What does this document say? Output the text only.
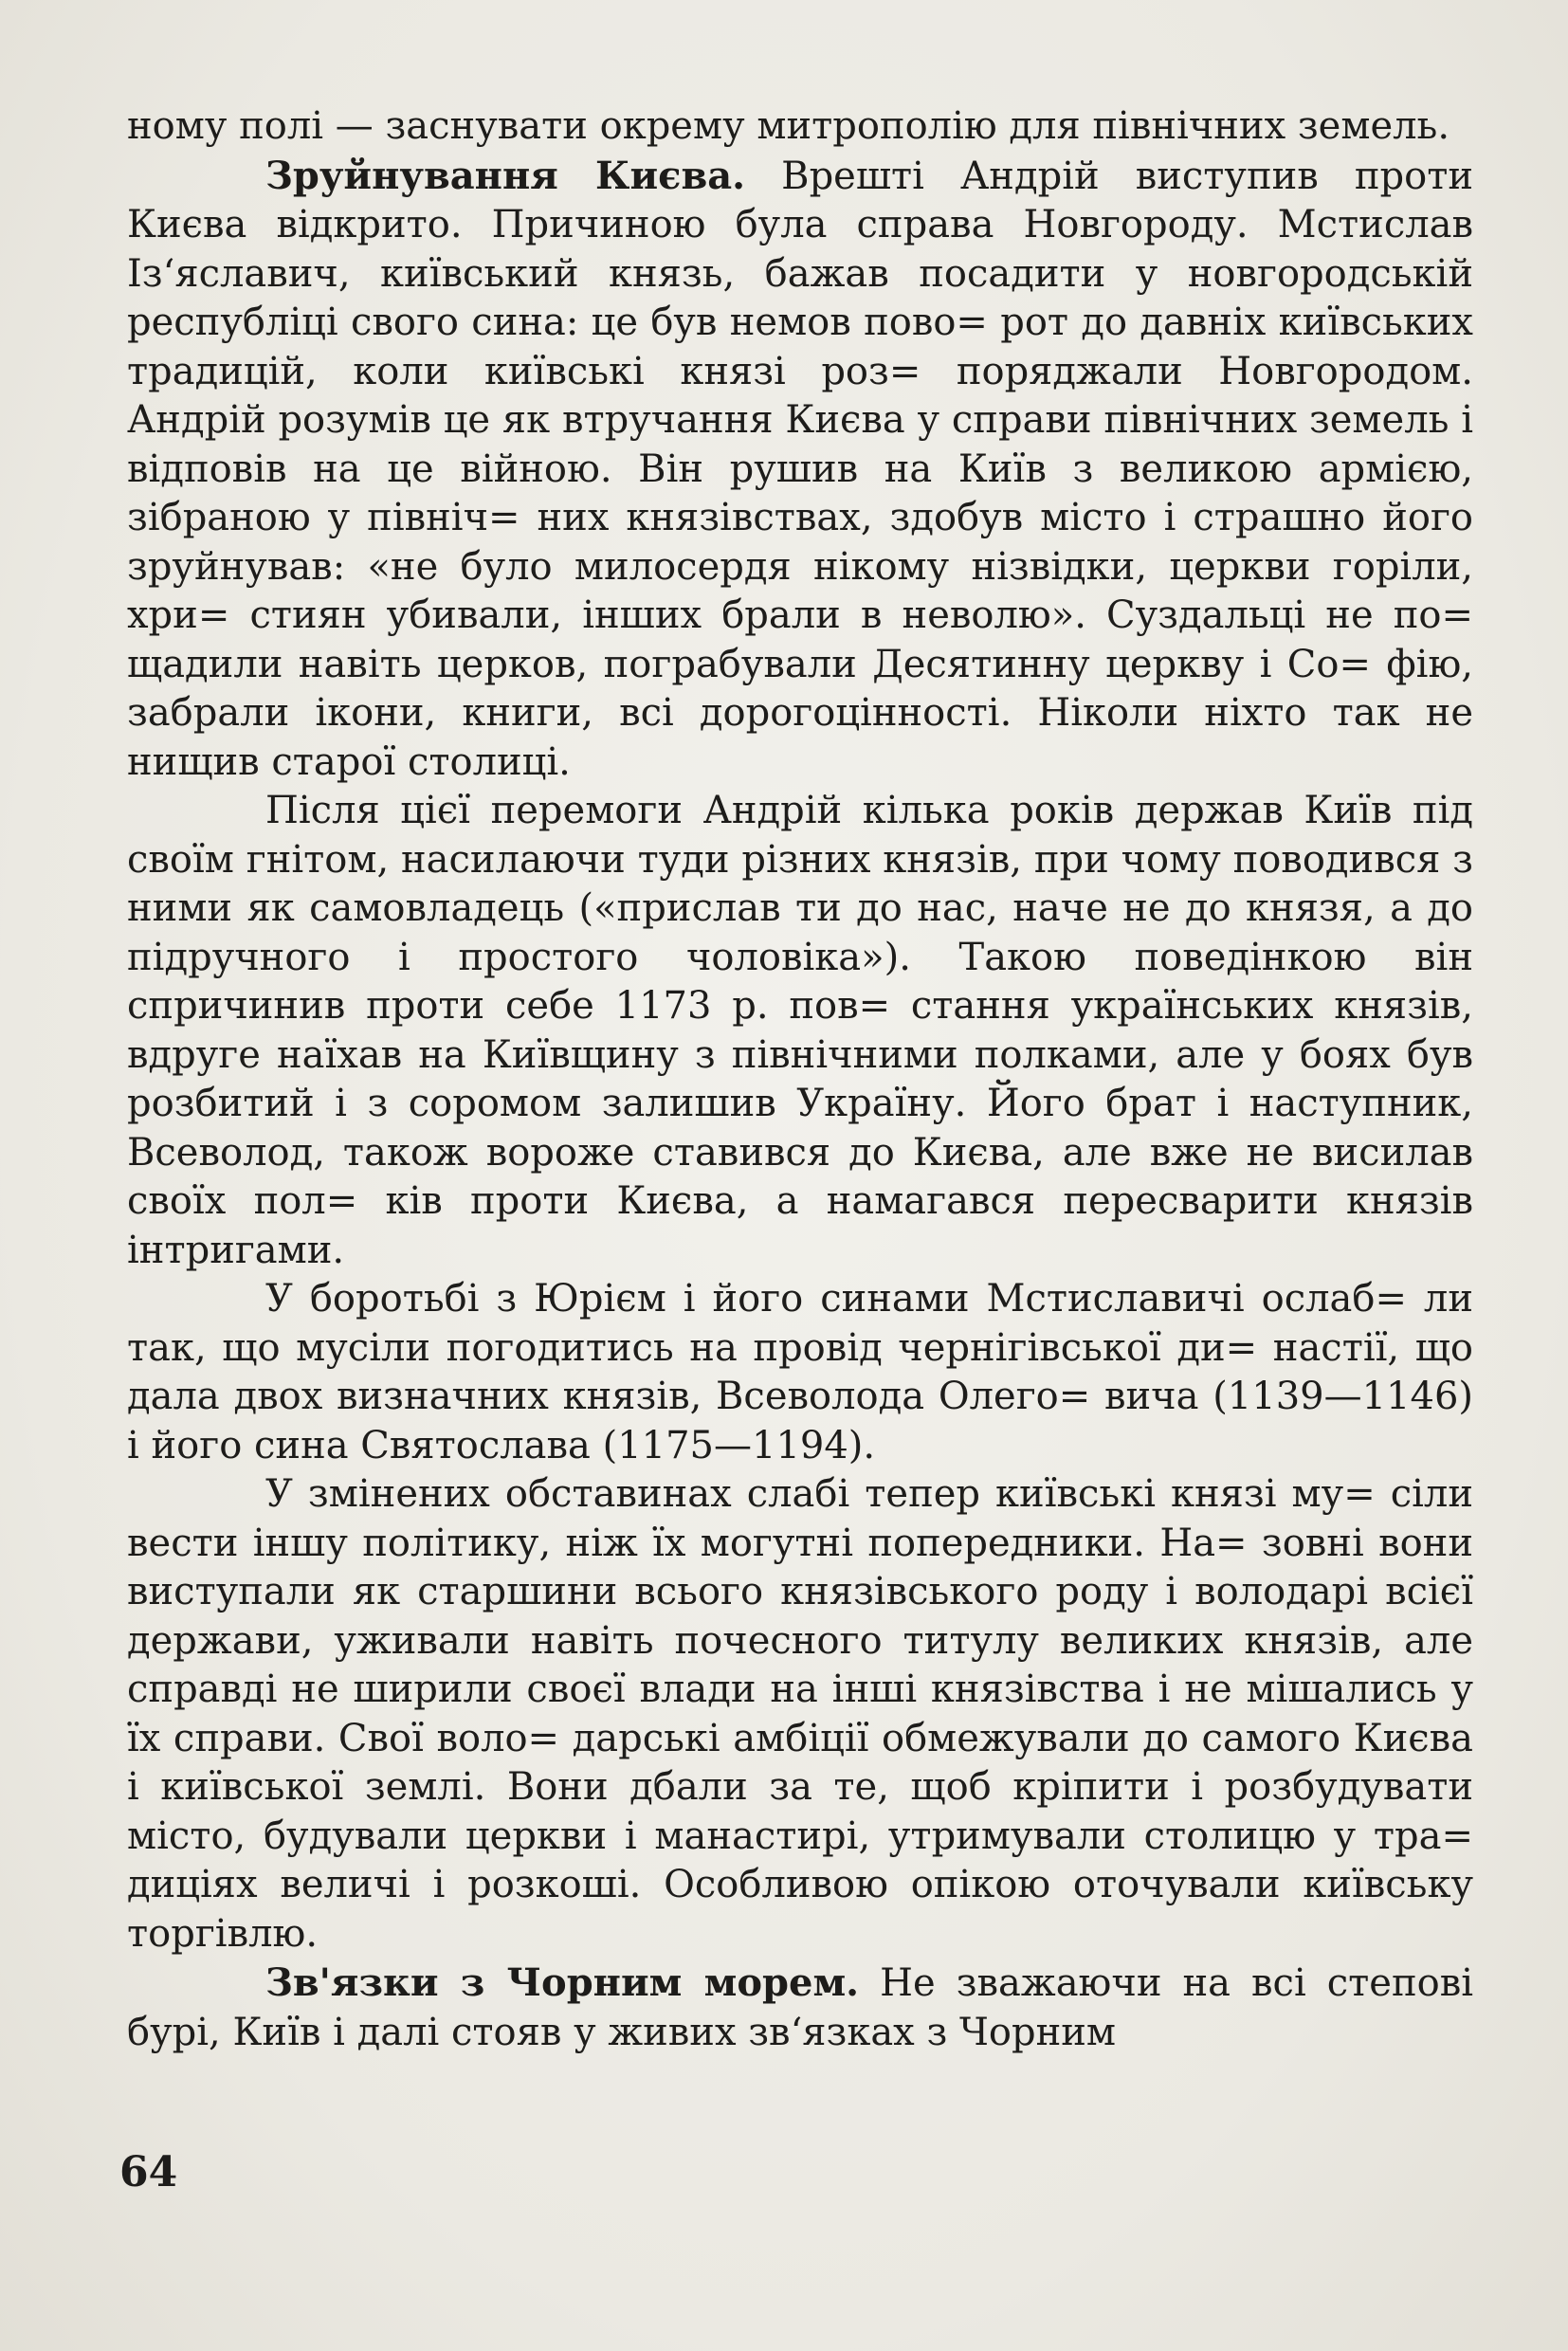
ному полі — заснувати окрему митрополію для північних земель.

Зруйнування Києва. Врешті Андрій виступив проти Києва відкрито. Причиною була справа Новгороду. Мстислав Із‘яславич, київський князь, бажав посадити у новгородській республіці свого сина: це був немов пово= рот до давніх київських традицій, коли київські князі роз= поряджали Новгородом. Андрій розумів це як втручання Києва у справи північних земель і відповів на це війною. Він рушив на Київ з великою армією, зібраною у північ= них князівствах, здобув місто і страшно його зруйнував: «не було милосердя нікому нізвідки, церкви горіли, хри= стиян убивали, інших брали в неволю». Суздальці не по= щадили навіть церков, пограбували Десятинну церкву і Со= фію, забрали ікони, книги, всі дорогоцінності. Ніколи ніхто так не нищив старої столиці.

Після цієї перемоги Андрій кілька років держав Київ під своїм гнітом, насилаючи туди різних князів, при чому поводився з ними як самовладець («прислав ти до нас, наче не до князя, а до підручного і простого чоловіка»). Такою поведінкою він спричинив проти себе 1173 р. пов= стання українських князів, вдруге наїхав на Київщину з північними полками, але у боях був розбитий і з соромом залишив Україну. Його брат і наступник, Всеволод, також вороже ставився до Києва, але вже не висилав своїх пол= ків проти Києва, а намагався пересварити князів інтригами.

У боротьбі з Юрієм і його синами Мстиславичі ослаб= ли так, що мусіли погодитись на провід чернігівської ди= настії, що дала двох визначних князів, Всеволода Олего= вича (1139—1146) і його сина Святослава (1175—1194).

У змінених обставинах слабі тепер київські князі му= сіли вести іншу політику, ніж їх могутні попередники. На= зовні вони виступали як старшини всього князівського роду і володарі всієї держави, уживали навіть почесного титулу великих князів, але справді не ширили своєї влади на інші князівства і не мішались у їх справи. Свої воло= дарські амбіції обмежували до самого Києва і київської землі. Вони дбали за те, щоб кріпити і розбудувати місто, будували церкви і манастирі, утримували столицю у тра= диціях величі і розкоші. Особливою опікою оточували київську торгівлю.

Зв'язки з Чорним морем. Не зважаючи на всі степові бурі, Київ і далі стояв у живих зв‘язках з Чорним

64
